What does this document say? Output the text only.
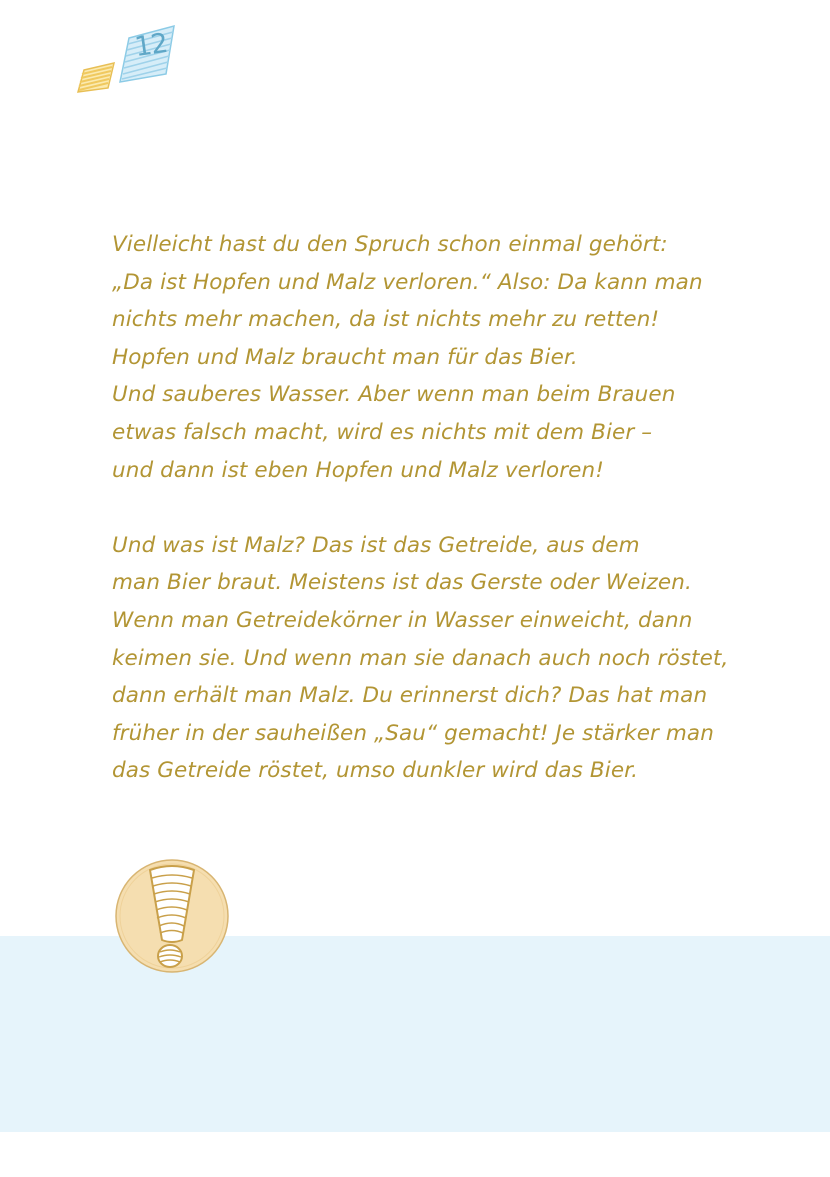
12

Vielleicht hast du den Spruch schon einmal gehört:
„Da ist Hopfen und Malz verloren.“ Also: Da kann man
nichts mehr machen, da ist nichts mehr zu retten!
Hopfen und Malz braucht man für das Bier.
Und sauberes Wasser. Aber wenn man beim Brauen
etwas falsch macht, wird es nichts mit dem Bier –
und dann ist eben Hopfen und Malz verloren!

Und was ist Malz? Das ist das Getreide, aus dem
man Bier braut. Meistens ist das Gerste oder Weizen.
Wenn man Getreidekörner in Wasser einweicht, dann
keimen sie. Und wenn man sie danach auch noch röstet,
dann erhält man Malz. Du erinnerst dich? Das hat man
früher in der sauheißen „Sau“ gemacht! Je stärker man
das Getreide röstet, umso dunkler wird das Bier.
